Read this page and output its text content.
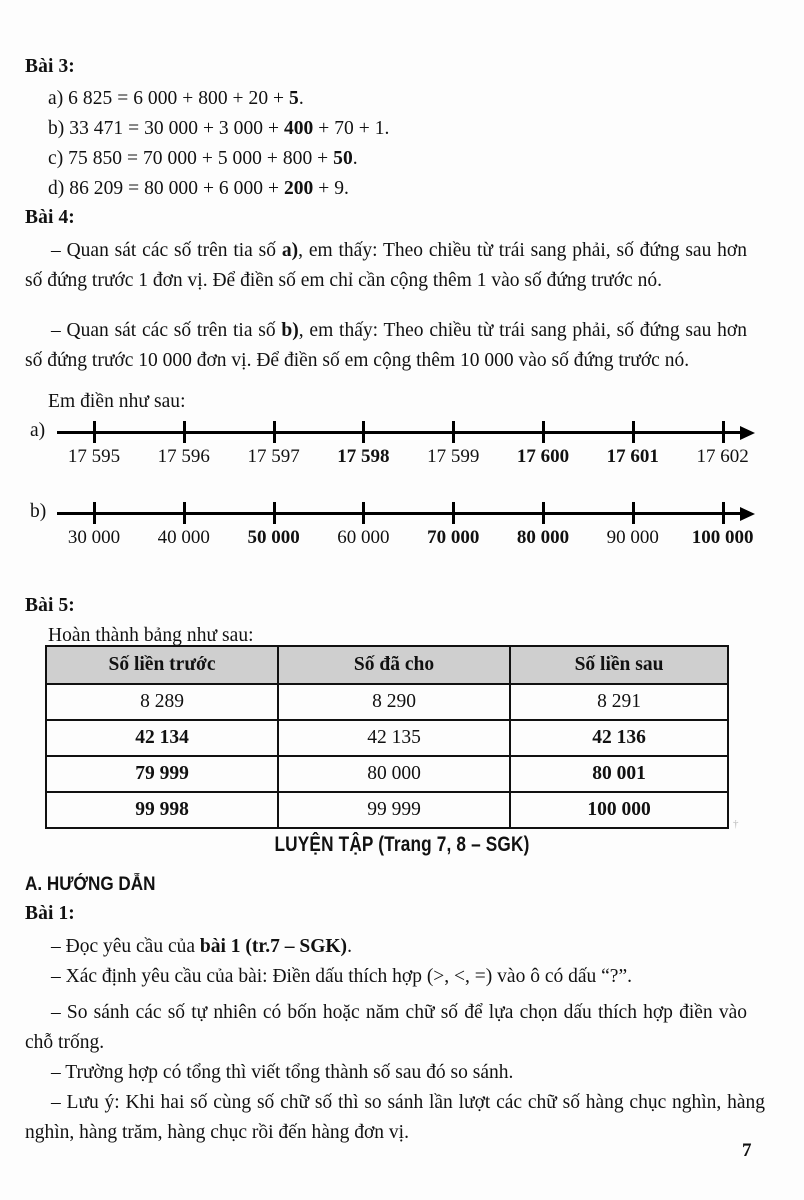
Bài 3:
a) 6 825 = 6 000 + 800 + 20 + 5.
b) 33 471 = 30 000 + 3 000 + 400 + 70 + 1.
c) 75 850 = 70 000 + 5 000 + 800 + 50.
d) 86 209 = 80 000 + 6 000 + 200 + 9.
Bài 4:
– Quan sát các số trên tia số a), em thấy: Theo chiều từ trái sang phải, số đứng sau hơn số đứng trước 1 đơn vị. Để điền số em chỉ cần cộng thêm 1 vào số đứng trước nó.
– Quan sát các số trên tia số b), em thấy: Theo chiều từ trái sang phải, số đứng sau hơn số đứng trước 10 000 đơn vị. Để điền số em cộng thêm 10 000 vào số đứng trước nó.
Em điền như sau:
a)
17 595 17 596 17 597 17 598 17 599 17 600 17 601 17 602
b)
30 000 40 000 50 000 60 000 70 000 80 000 90 000 100 000
Bài 5:
Hoàn thành bảng như sau:
Số liền trước	Số đã cho	Số liền sau
8 289	8 290	8 291
42 134	42 135	42 136
79 999	80 000	80 001
99 998	99 999	100 000
LUYỆN TẬP (Trang 7, 8 – SGK)
A. HƯỚNG DẪN
Bài 1:
– Đọc yêu cầu của bài 1 (tr.7 – SGK).
– Xác định yêu cầu của bài: Điền dấu thích hợp (>, <, =) vào ô có dấu “?”.
– So sánh các số tự nhiên có bốn hoặc năm chữ số để lựa chọn dấu thích hợp điền vào chỗ trống.
– Trường hợp có tổng thì viết tổng thành số sau đó so sánh.
– Lưu ý: Khi hai số cùng số chữ số thì so sánh lần lượt các chữ số hàng chục nghìn, hàng nghìn, hàng trăm, hàng chục rồi đến hàng đơn vị.
†
7
